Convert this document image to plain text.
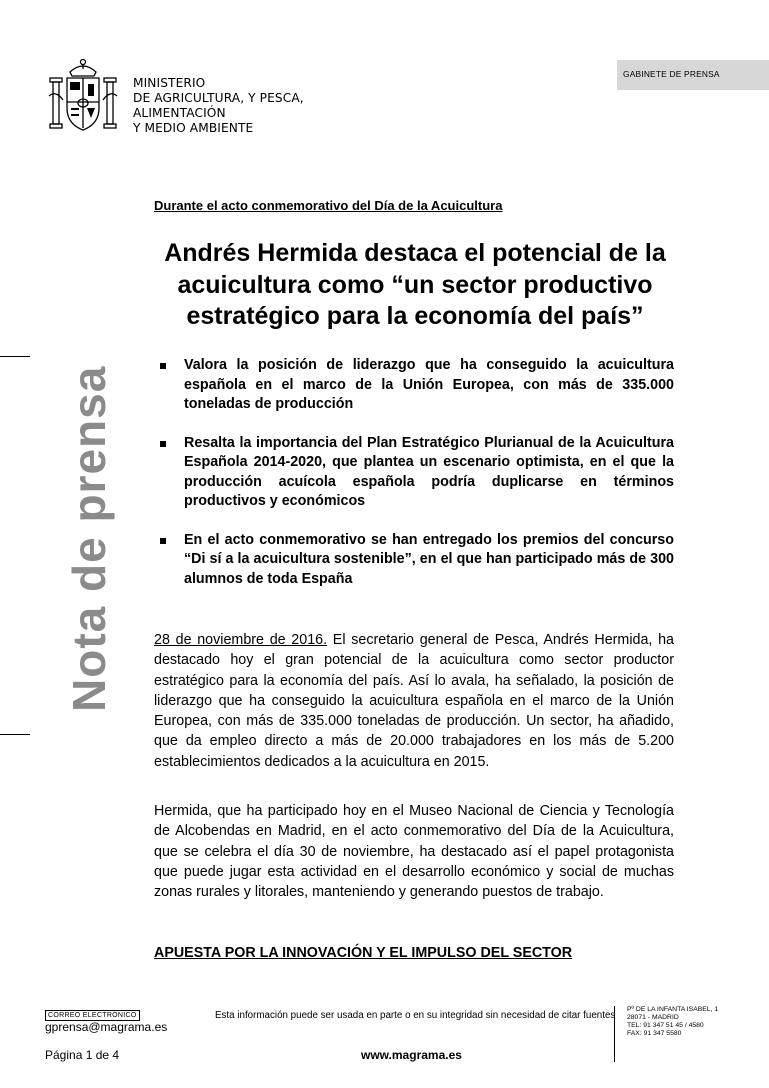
MINISTERIO
DE AGRICULTURA, Y PESCA,
ALIMENTACIÓN
Y MEDIO AMBIENTE
GABINETE DE PRENSA
Nota de prensa
Durante el acto conmemorativo del Día de la Acuicultura
Andrés Hermida destaca el potencial de la acuicultura como “un sector productivo estratégico para la economía del país”
Valora la posición de liderazgo que ha conseguido la acuicultura española en el marco de la Unión Europea, con más de 335.000 toneladas de producción
Resalta la importancia del Plan Estratégico Plurianual de la Acuicultura Española 2014-2020, que plantea un escenario optimista, en el que la producción acuícola española podría duplicarse en términos productivos y económicos
En el acto conmemorativo se han entregado los premios del concurso “Di sí a la acuicultura sostenible”, en el que han participado más de 300 alumnos de toda España

28 de noviembre de 2016. El secretario general de Pesca, Andrés Hermida, ha destacado hoy el gran potencial de la acuicultura como sector productor estratégico para la economía del país. Así lo avala, ha señalado, la posición de liderazgo que ha conseguido la acuicultura española en el marco de la Unión Europea, con más de 335.000 toneladas de producción. Un sector, ha añadido, que da empleo directo a más de 20.000 trabajadores en los más de 5.200 establecimientos dedicados a la acuicultura en 2015.

Hermida, que ha participado hoy en el Museo Nacional de Ciencia y Tecnología de Alcobendas en Madrid, en el acto conmemorativo del Día de la Acuicultura, que se celebra el día 30 de noviembre, ha destacado así el papel protagonista que puede jugar esta actividad en el desarrollo económico y social de muchas zonas rurales y litorales, manteniendo y generando puestos de trabajo.

APUESTA POR LA INNOVACIÓN Y EL IMPULSO DEL SECTOR
CORREO ELECTRÓNICO
gprensa@magrama.es
Esta información puede ser usada en parte o en su integridad sin necesidad de citar fuentes
Pº DE LA INFANTA ISABEL, 1
28071 - MADRID
TEL: 91 347 51 45 / 4580
FAX: 91 347 5580
Página 1 de 4	www.magrama.es
